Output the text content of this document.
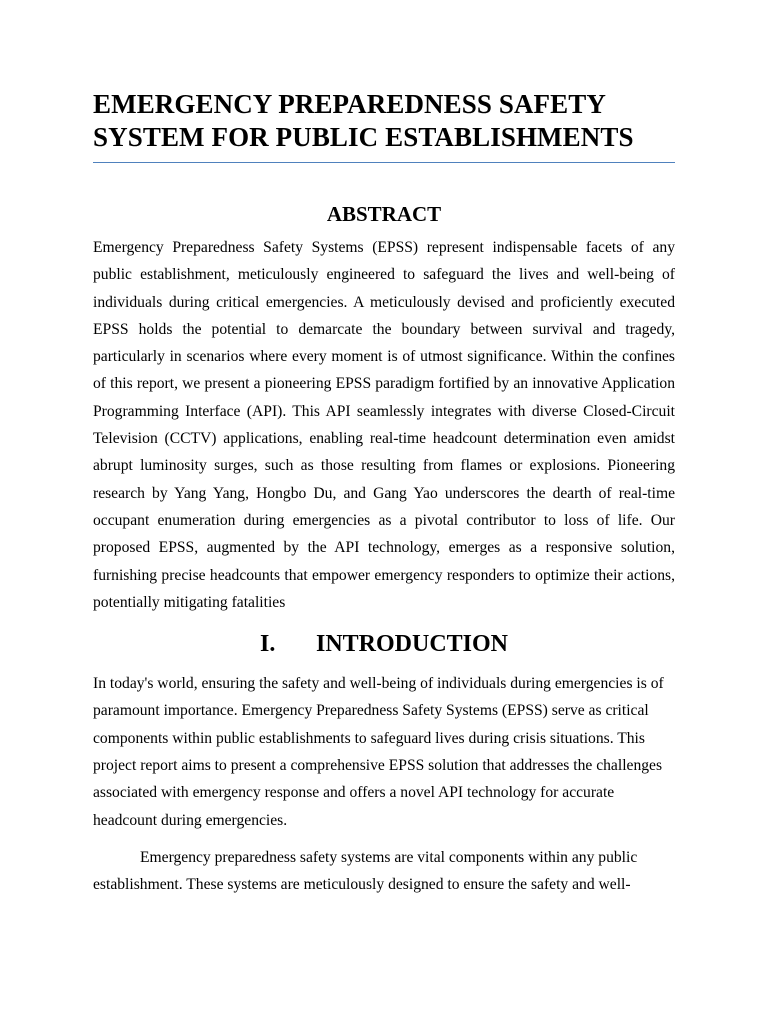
EMERGENCY PREPAREDNESS SAFETY SYSTEM FOR PUBLIC ESTABLISHMENTS
ABSTRACT

Emergency Preparedness Safety Systems (EPSS) represent indispensable facets of any public establishment, meticulously engineered to safeguard the lives and well-being of individuals during critical emergencies. A meticulously devised and proficiently executed EPSS holds the potential to demarcate the boundary between survival and tragedy, particularly in scenarios where every moment is of utmost significance. Within the confines of this report, we present a pioneering EPSS paradigm fortified by an innovative Application Programming Interface (API). This API seamlessly integrates with diverse Closed-Circuit Television (CCTV) applications, enabling real-time headcount determination even amidst abrupt luminosity surges, such as those resulting from flames or explosions. Pioneering research by Yang Yang, Hongbo Du, and Gang Yao underscores the dearth of real-time occupant enumeration during emergencies as a pivotal contributor to loss of life. Our proposed EPSS, augmented by the API technology, emerges as a responsive solution, furnishing precise headcounts that empower emergency responders to optimize their actions, potentially mitigating fatalities

I. INTRODUCTION

In today's world, ensuring the safety and well-being of individuals during emergencies is of paramount importance. Emergency Preparedness Safety Systems (EPSS) serve as critical components within public establishments to safeguard lives during crisis situations. This project report aims to present a comprehensive EPSS solution that addresses the challenges associated with emergency response and offers a novel API technology for accurate headcount during emergencies.

Emergency preparedness safety systems are vital components within any public establishment. These systems are meticulously designed to ensure the safety and well-
